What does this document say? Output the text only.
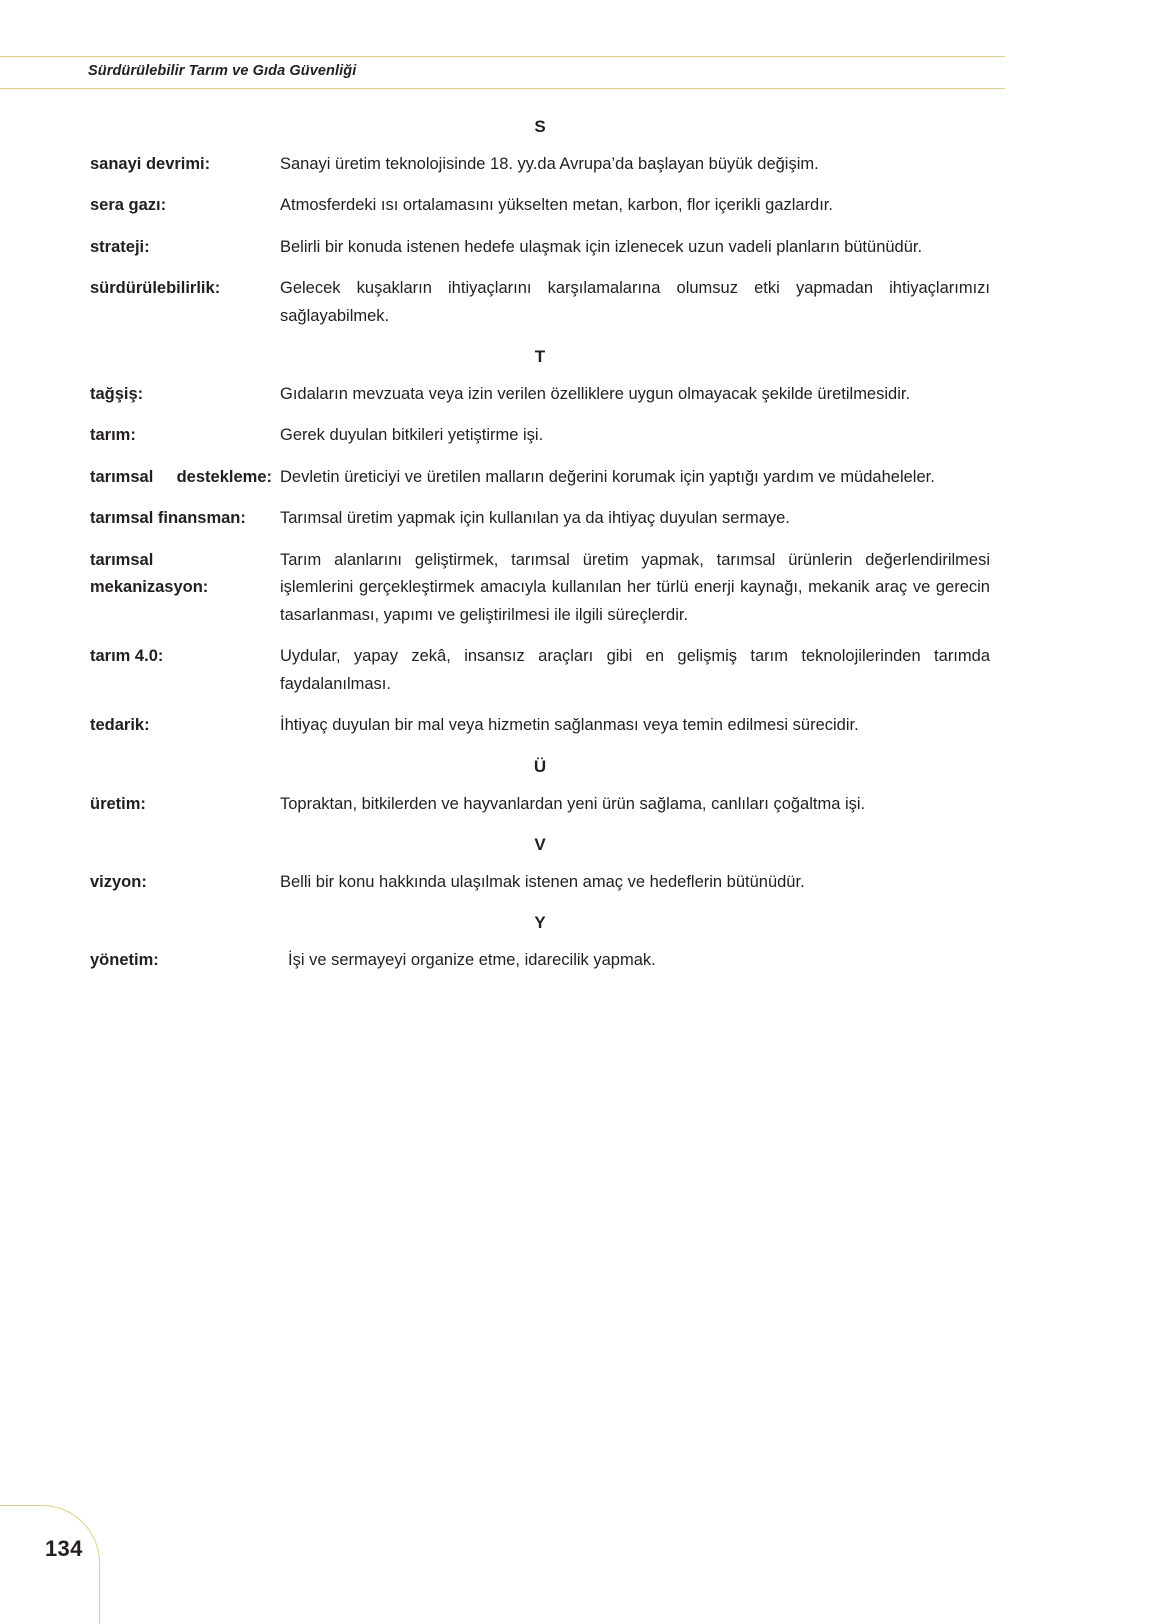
Sürdürülebilir Tarım ve Gıda Güvenliği
S
sanayi devrimi:	Sanayi üretim teknolojisinde 18. yy.da Avrupa’da başlayan büyük değişim.
sera gazı:	Atmosferdeki ısı ortalamasını yükselten metan, karbon, flor içerikli gazlardır.
strateji:	Belirli bir konuda istenen hedefe ulaşmak için izlenecek uzun vadeli planların bütünüdür.
sürdürülebilirlik:	Gelecek kuşakların ihtiyaçlarını karşılamalarına olumsuz etki yapmadan ihtiyaçlarımızı sağlayabilmek.
T
tağşiş:	Gıdaların mevzuata veya izin verilen özelliklere uygun olmayacak şekilde üretilmesidir.
tarım:	Gerek duyulan bitkileri yetiştirme işi.
tarımsal destekleme: Devletin üreticiyi ve üretilen malların değerini korumak için yaptığı yardım ve müdaheleler.
tarımsal finansman:	Tarımsal üretim yapmak için kullanılan ya da ihtiyaç duyulan sermaye.
tarımsal mekanizasyon:
Tarım alanlarını geliştirmek, tarımsal üretim yapmak, tarımsal ürünlerin değerlendirilmesi işlemlerini gerçekleştirmek amacıyla kullanılan her türlü enerji kaynağı, mekanik araç ve gerecin tasarlanması, yapımı ve geliştirilmesi ile ilgili süreçlerdir.
tarım 4.0:	Uydular, yapay zekâ, insansız araçları gibi en gelişmiş tarım teknolojilerinden tarımda faydalanılması.
tedarik:	İhtiyaç duyulan bir mal veya hizmetin sağlanması veya temin edilmesi sürecidir.
Ü
üretim:	Topraktan, bitkilerden ve hayvanlardan yeni ürün sağlama, canlıları çoğaltma işi.
V
vizyon:	Belli bir konu hakkında ulaşılmak istenen amaç ve hedeflerin bütünüdür.
Y
yönetim:	İşi ve sermayeyi organize etme, idarecilik yapmak.
134
